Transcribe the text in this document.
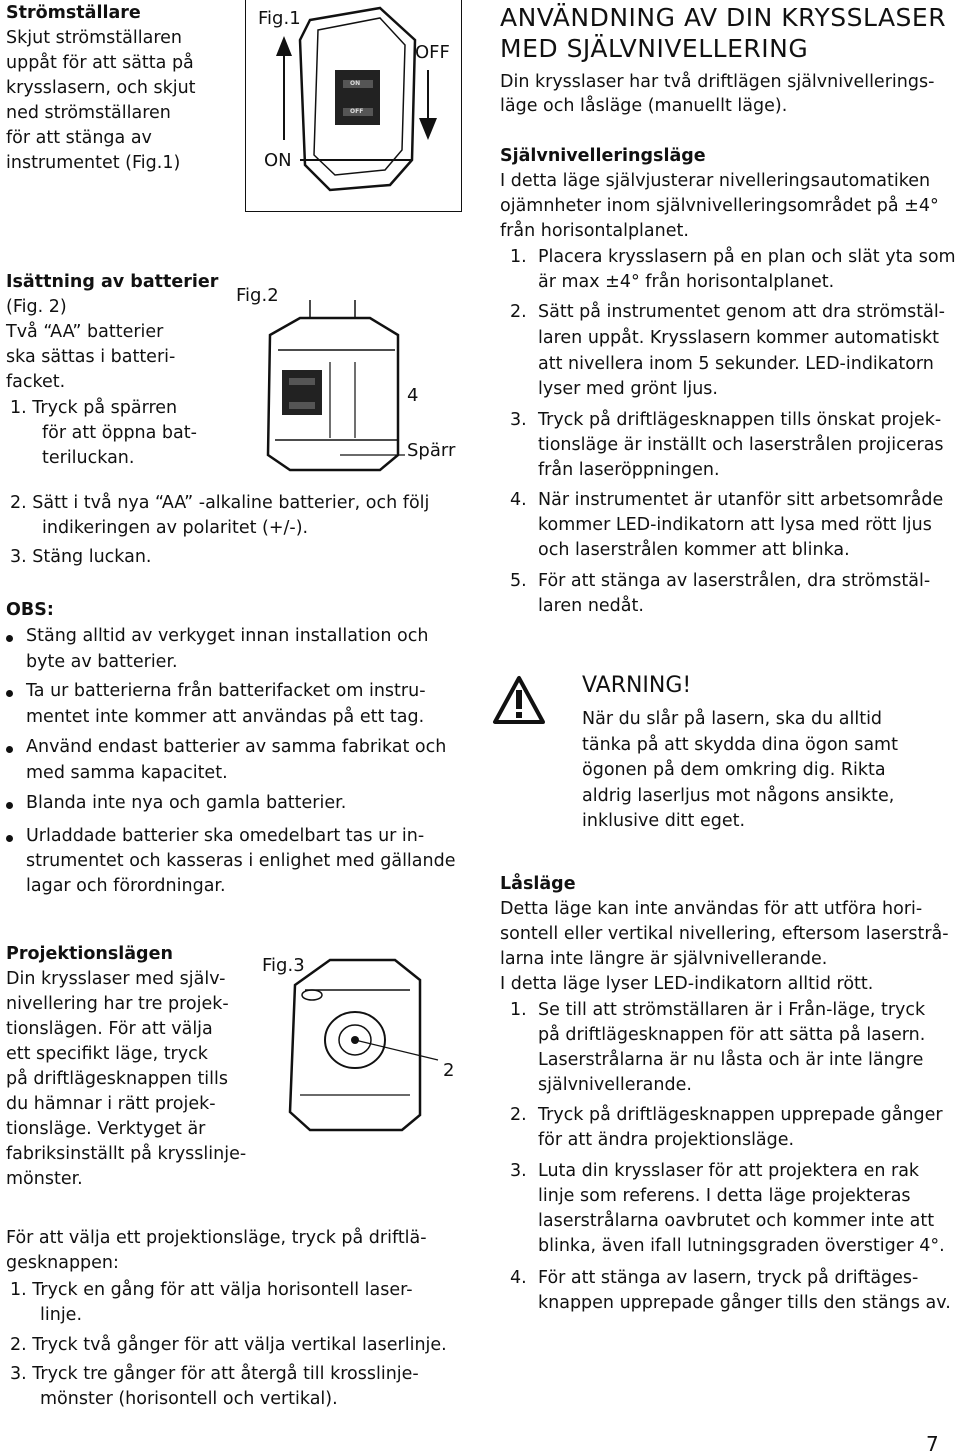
Strömställare
Skjut strömställaren
uppåt för att sätta på
krysslasern, och skjut
ned strömställaren
för att stänga av
instrumentet (Fig.1)
Isättning av batterier
(Fig. 2)
Två “AA” batterier
ska sättas i batteri-
facket.
1. Tryck på spärren
för att öppna bat-
teriluckan.
2. Sätt i två nya “AA” -alkaline batterier, och följ
indikeringen av polaritet (+/-).
3. Stäng luckan.
OBS:
Stäng alltid av verkyget innan installation och
byte av batterier.
Ta ur batterierna från batterifacket om instru-
mentet inte kommer att användas på ett tag.
Använd endast batterier av samma fabrikat och
med samma kapacitet.
Blanda inte nya och gamla batterier.
Urladdade batterier ska omedelbart tas ur in-
strumentet och kasseras i enlighet med gällande
lagar och förordningar.
Projektionslägen
Din krysslaser med själv-
nivellering har tre projek-
tionslägen. För att välja
ett specifikt läge, tryck
på driftlägesknappen tills
du hämnar i rätt projek-
tionsläge. Verktyget är
fabriksinställt på krysslinje-
mönster.
För att välja ett projektionsläge, tryck på driftlä-
gesknappen:
1. Tryck en gång för att välja horisontell laser-
linje.
2. Tryck två gånger för att välja vertikal laserlinje.
3. Tryck tre gånger för att återgå till krosslinje-
mönster (horisontell och vertikal).
Fig.1
ON
OFF
ON
OFF
Fig.2
4
Spärr
Fig.3
2
ANVÄNDNING AV DIN KRYSSLASER
MED SJÄLVNIVELLERING
Din krysslaser har två driftlägen självnivellerings-
läge och låsläge (manuellt läge).
Självnivelleringsläge
I detta läge självjusterar nivelleringsautomatiken
ojämnheter inom självnivelleringsområdet på ±4°
från horisontalplanet.
1. Placera krysslasern på en plan och slät yta som
är max ±4° från horisontalplanet.
2. Sätt på instrumentet genom att dra strömstäl-
laren uppåt. Krysslasern kommer automatiskt
att nivellera inom 5 sekunder. LED-indikatorn
lyser med grönt ljus.
3. Tryck på driftlägesknappen tills önskat projek-
tionsläge är inställt och laserstrålen projiceras
från laseröppningen.
4. När instrumentet är utanför sitt arbetsområde
kommer LED-indikatorn att lysa med rött ljus
och laserstrålen kommer att blinka.
5. För att stänga av laserstrålen, dra strömstäl-
laren nedåt.
VARNING!
När du slår på lasern, ska du alltid
tänka på att skydda dina ögon samt
ögonen på dem omkring dig. Rikta
aldrig laserljus mot någons ansikte,
inklusive ditt eget.
Låsläge
Detta läge kan inte användas för att utföra hori-
sontell eller vertikal nivellering, eftersom laserstrå-
larna inte längre är självnivellerande.
I detta läge lyser LED-indikatorn alltid rött.
1. Se till att strömställaren är i Från-läge, tryck
på driftlägesknappen för att sätta på lasern.
Laserstrålarna är nu låsta och är inte längre
självnivellerande.
2. Tryck på driftlägesknappen upprepade gånger
för att ändra projektionsläge.
3. Luta din krysslaser för att projektera en rak
linje som referens. I detta läge projekteras
laserstrålarna oavbrutet och kommer inte att
blinka, även ifall lutningsgraden överstiger 4°.
4. För att stänga av lasern, tryck på driftäges-
knappen upprepade gånger tills den stängs av.
7
